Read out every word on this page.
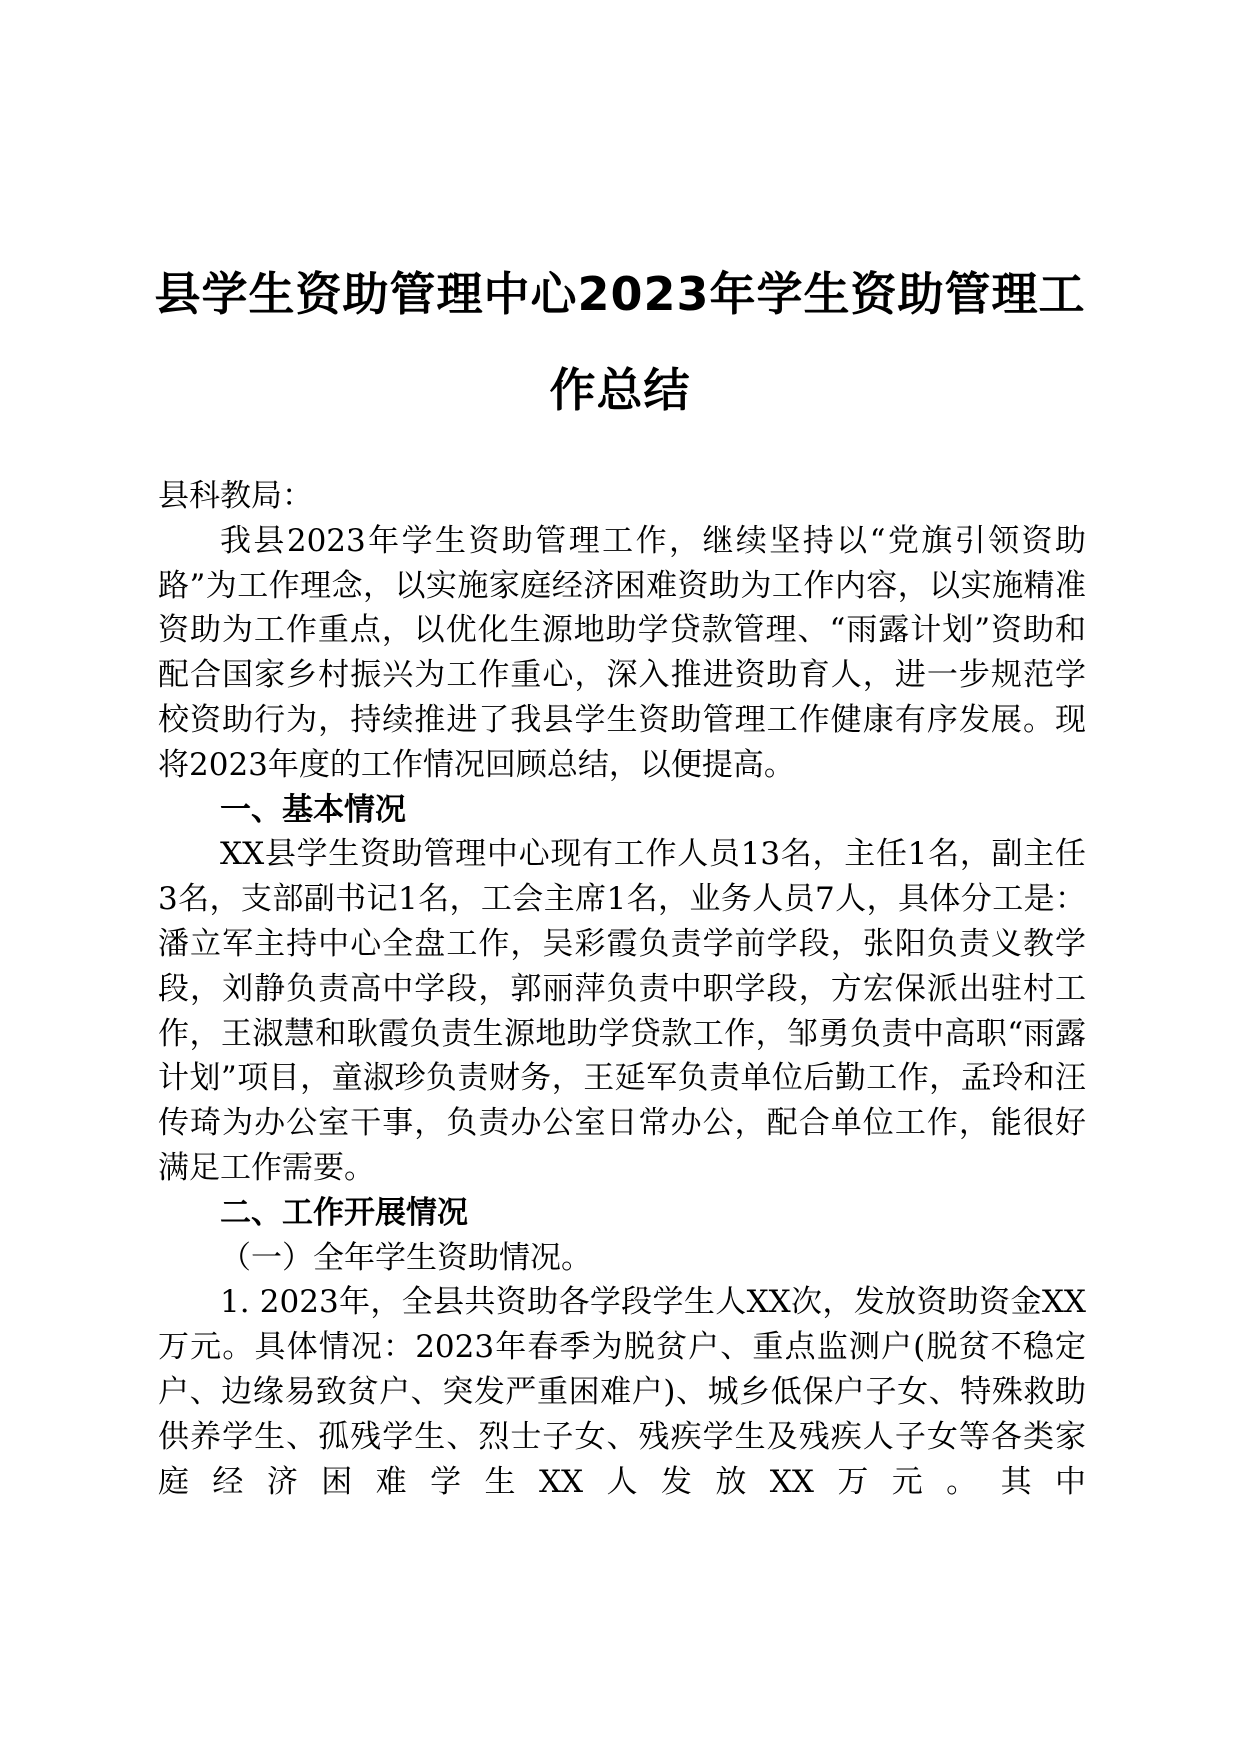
县学生资助管理中心2023年学生资助管理工作总结

县科教局：

我县2023年学生资助管理工作，继续坚持以“党旗引领资助路”为工作理念，以实施家庭经济困难资助为工作内容，以实施精准资助为工作重点，以优化生源地助学贷款管理、“雨露计划”资助和配合国家乡村振兴为工作重心，深入推进资助育人，进一步规范学校资助行为，持续推进了我县学生资助管理工作健康有序发展。现将2023年度的工作情况回顾总结，以便提高。

一、基本情况

XX县学生资助管理中心现有工作人员13名，主任1名，副主任3名，支部副书记1名，工会主席1名，业务人员7人，具体分工是：潘立军主持中心全盘工作，吴彩霞负责学前学段，张阳负责义教学段，刘静负责高中学段，郭丽萍负责中职学段，方宏保派出驻村工作，王淑慧和耿霞负责生源地助学贷款工作，邹勇负责中高职“雨露计划”项目，童淑珍负责财务，王延军负责单位后勤工作，孟玲和汪传琦为办公室干事，负责办公室日常办公，配合单位工作，能很好满足工作需要。

二、工作开展情况

（一）全年学生资助情况。

1. 2023年，全县共资助各学段学生人XX次，发放资助资金XX万元。具体情况：2023年春季为脱贫户、重点监测户(脱贫不稳定户、边缘易致贫户、突发严重困难户)、城乡低保户子女、特殊救助供养学生、孤残学生、烈士子女、残疾学生及残疾人子女等各类家庭经济困难学生XX人发放XX万元。其中
